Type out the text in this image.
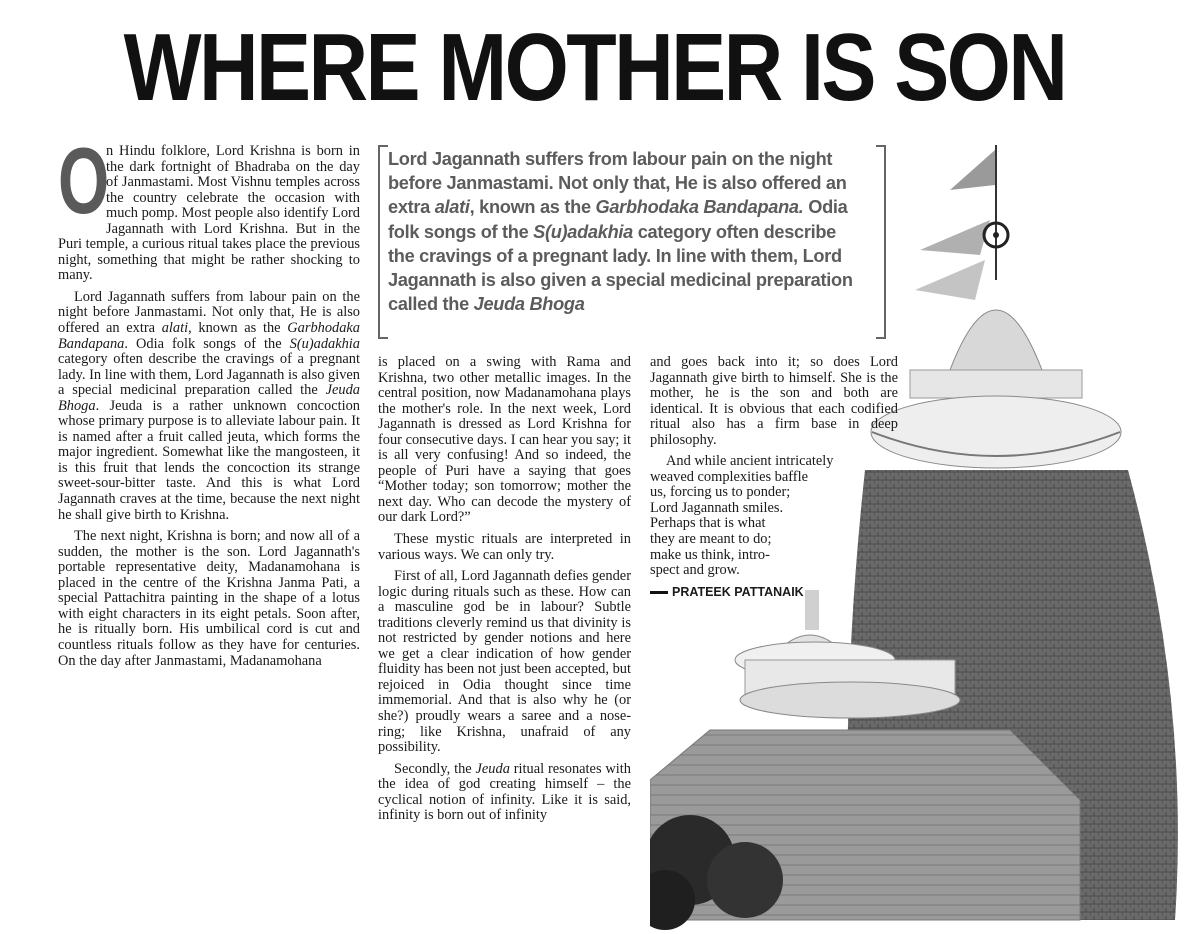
WHERE MOTHER IS SON
O

n Hindu folklore, Lord Krishna is born in the dark fortnight of Bhadraba on the day of Janmastami. Most Vishnu temples across the country celebrate the occasion with much pomp. Most people also identify Lord Jagannath with Lord Krishna. But in the Puri temple, a curious ritual takes place the previous night, something that might be rather shocking to many.

Lord Jagannath suffers from labour pain on the night before Janmastami. Not only that, He is also offered an extra alati, known as the Garbhodaka Bandapana. Odia folk songs of the S(u)adakhia category often describe the cravings of a pregnant lady. In line with them, Lord Jagannath is also given a special medicinal preparation called the Jeuda Bhoga. Jeuda is a rather unknown concoction whose primary purpose is to alleviate labour pain. It is named after a fruit called jeuta, which forms the major ingredient. Somewhat like the mangosteen, it is this fruit that lends the concoction its strange sweet-sour-bitter taste. And this is what Lord Jagannath craves at the time, because the next night he shall give birth to Krishna.

The next night, Krishna is born; and now all of a sudden, the mother is the son. Lord Jagannath's portable representative deity, Madanamohana is placed in the centre of the Krishna Janma Pati, a special Pattachitra painting in the shape of a lotus with eight characters in its eight petals. Soon after, he is ritually born. His umbilical cord is cut and countless rituals follow as they have for centuries. On the day after Janmastami, Madanamohana

Lord Jagannath suffers from labour pain on the night before Janmastami. Not only that, He is also offered an extra alati, known as the Garbhodaka Bandapana. Odia folk songs of the S(u)adakhia category often describe the cravings of a pregnant lady. In line with them, Lord Jagannath is also given a special medicinal preparation called the Jeuda Bhoga

is placed on a swing with Rama and Krishna, two other metallic images. In the central position, now Madanamohana plays the mother's role. In the next week, Lord Jagannath is dressed as Lord Krishna for four consecutive days. I can hear you say; it is all very confusing! And so indeed, the people of Puri have a saying that goes “Mother today; son tomorrow; mother the next day. Who can decode the mystery of our dark Lord?”

These mystic rituals are interpreted in various ways. We can only try.

First of all, Lord Jagannath defies gender logic during rituals such as these. How can a masculine god be in labour? Subtle traditions cleverly remind us that divinity is not restricted by gender notions and here we get a clear indication of how gender fluidity has been not just been accepted, but rejoiced in Odia thought since time immemorial. And that is also why he (or she?) proudly wears a saree and a nose-ring; like Krishna, unafraid of any possibility.

Secondly, the Jeuda ritual resonates with the idea of god creating himself – the cyclical notion of infinity. Like it is said, infinity is born out of infinity

and goes back into it; so does Lord Jagannath give birth to himself. She is the mother, he is the son and both are identical. It is obvious that each codified ritual also has a firm base in deep philosophy.

And while ancient intricately
weaved complexities baffle
us, forcing us to ponder;
Lord Jagannath smiles.
Perhaps that is what
they are meant to do;
make us think, intro-
spect and grow.

PRATEEK PATTANAIK
